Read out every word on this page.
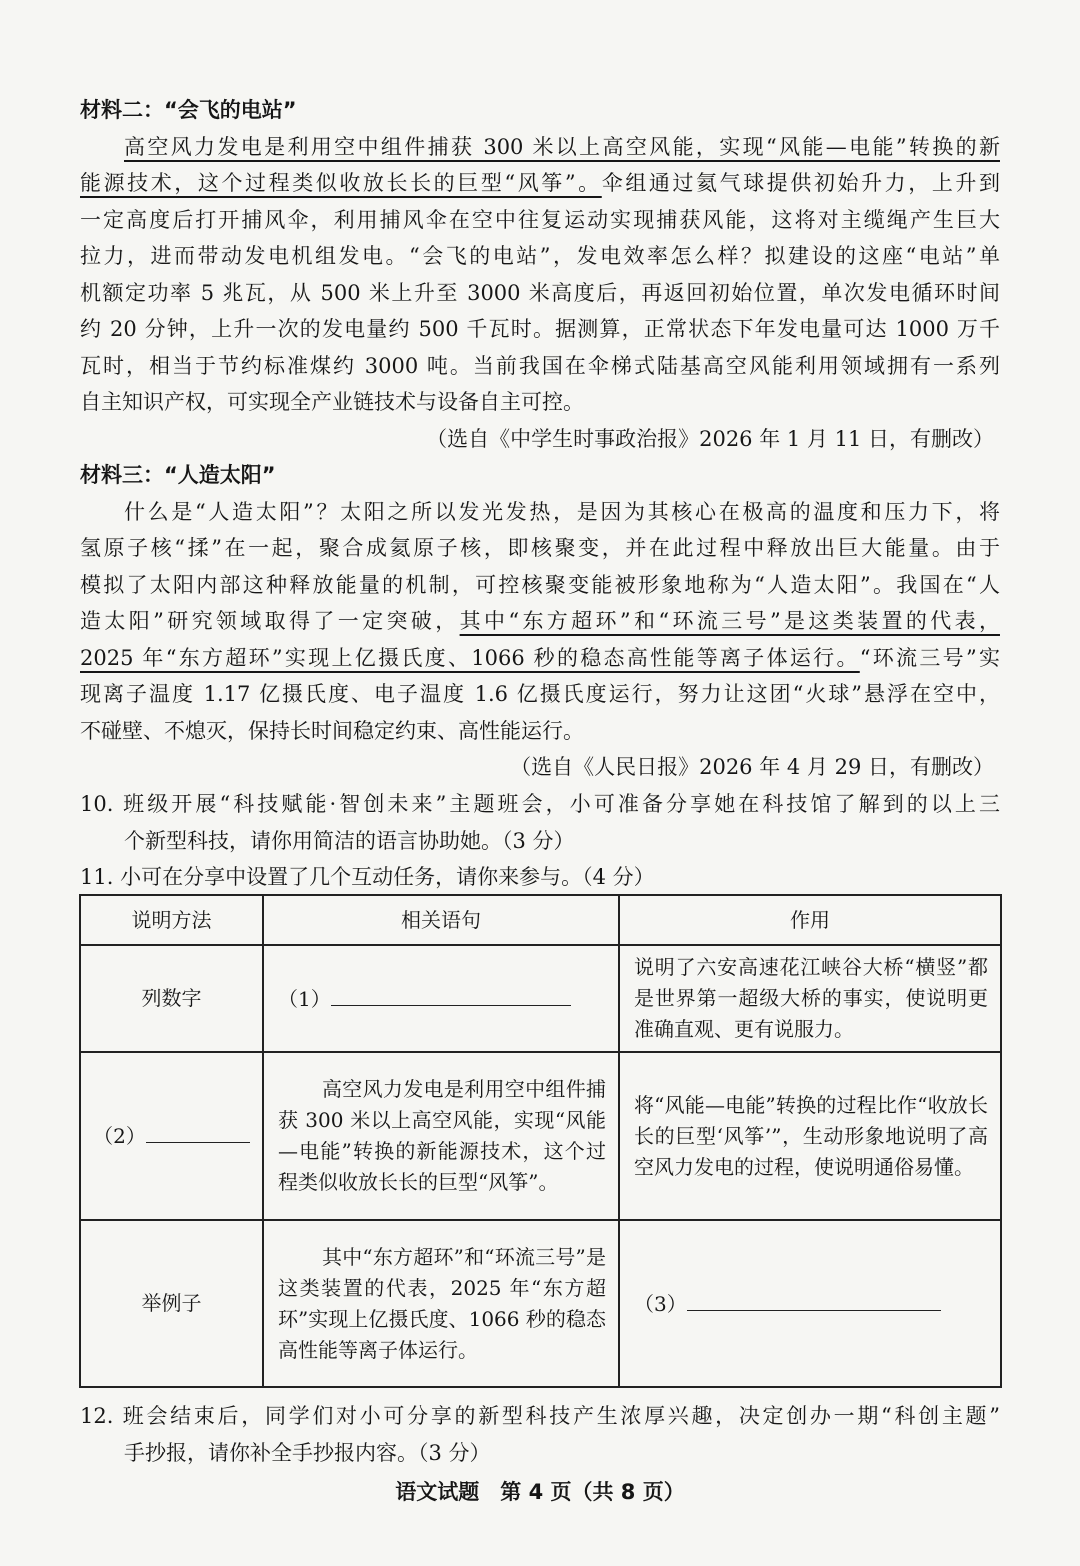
材料二：“会飞的电站”
高空风力发电是利用空中组件捕获 300 米以上高空风能，实现“风能—电能”转换的新
能源技术，这个过程类似收放长长的巨型“风筝”。伞组通过氦气球提供初始升力，上升到
一定高度后打开捕风伞，利用捕风伞在空中往复运动实现捕获风能，这将对主缆绳产生巨大
拉力，进而带动发电机组发电。“会飞的电站”，发电效率怎么样？拟建设的这座“电站”单
机额定功率 5 兆瓦，从 500 米上升至 3000 米高度后，再返回初始位置，单次发电循环时间
约 20 分钟，上升一次的发电量约 500 千瓦时。据测算，正常状态下年发电量可达 1000 万千
瓦时，相当于节约标准煤约 3000 吨。当前我国在伞梯式陆基高空风能利用领域拥有一系列
自主知识产权，可实现全产业链技术与设备自主可控。
（选自《中学生时事政治报》2026 年 1 月 11 日，有删改）
材料三：“人造太阳”
什么是“人造太阳”？太阳之所以发光发热，是因为其核心在极高的温度和压力下，将
氢原子核“揉”在一起，聚合成氦原子核，即核聚变，并在此过程中释放出巨大能量。由于
模拟了太阳内部这种释放能量的机制，可控核聚变能被形象地称为“人造太阳”。我国在“人
造太阳”研究领域取得了一定突破，其中“东方超环”和“环流三号”是这类装置的代表，
2025 年“东方超环”实现上亿摄氏度、1066 秒的稳态高性能等离子体运行。“环流三号”实
现离子温度 1.17 亿摄氏度、电子温度 1.6 亿摄氏度运行，努力让这团“火球”悬浮在空中，
不碰壁、不熄灭，保持长时间稳定约束、高性能运行。
（选自《人民日报》2026 年 4 月 29 日，有删改）
10. 班级开展“科技赋能·智创未来”主题班会，小可准备分享她在科技馆了解到的以上三
个新型科技，请你用简洁的语言协助她。（3 分）
11. 小可在分享中设置了几个互动任务，请你来参与。（4 分）
说明方法	相关语句	作用
列数字	（1）	说明了六安高速花江峡谷大桥“横竖”都是世界第一超级大桥的事实，使说明更准确直观、更有说服力。
（2）	高空风力发电是利用空中组件捕获 300 米以上高空风能，实现“风能—电能”转换的新能源技术，这个过程类似收放长长的巨型“风筝”。	将“风能—电能”转换的过程比作“收放长长的巨型‘风筝’”，生动形象地说明了高空风力发电的过程，使说明通俗易懂。
举例子	其中“东方超环”和“环流三号”是这类装置的代表，2025 年“东方超环”实现上亿摄氏度、1066 秒的稳态高性能等离子体运行。	（3）
12. 班会结束后，同学们对小可分享的新型科技产生浓厚兴趣，决定创办一期“科创主题”
手抄报，请你补全手抄报内容。（3 分）
语文试题　第 4 页（共 8 页）
